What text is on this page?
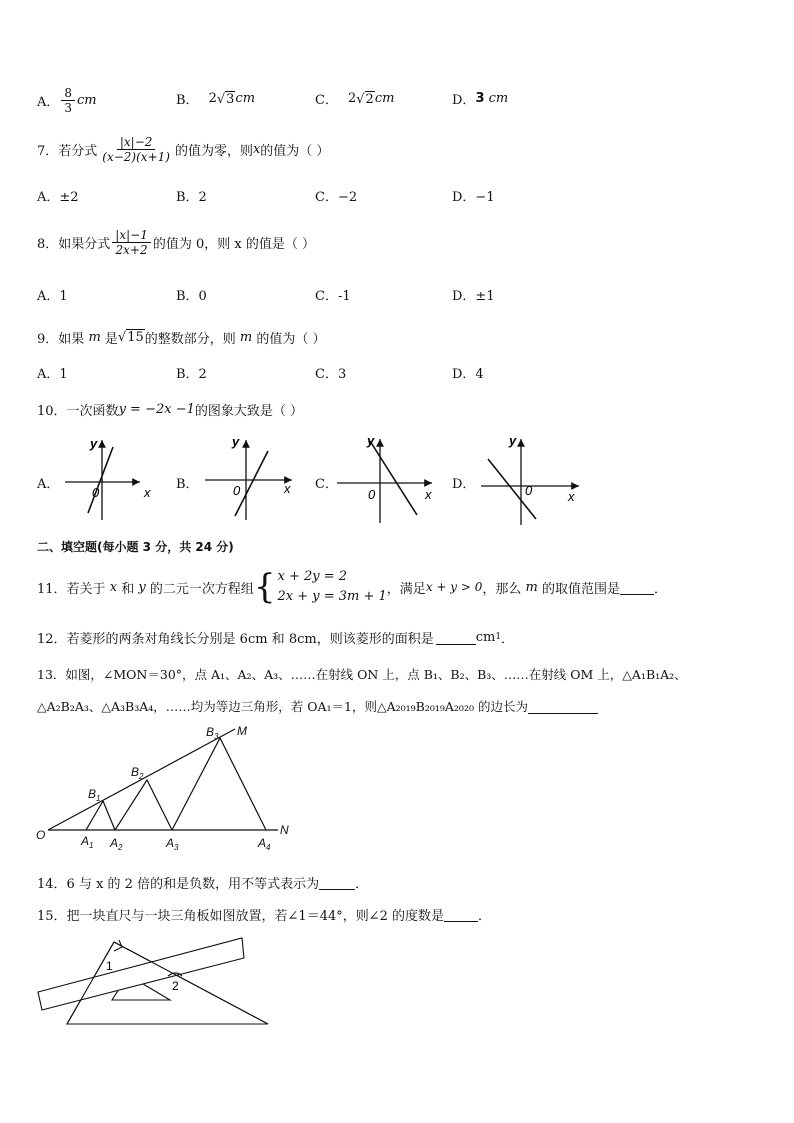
A． $\frac{8}{3}$ cm	B． 2 √ 3 cm	C． 2 √ 2 cm	D． 3
cm
7． 若分式 $\frac{|x|-2}{(x-2)(x+1)}$ 的值为零，则 x 的值为（ ）
A．±2	B．2	C．−2	D．−1
8． 如果分式 $\frac{|x|-1}{2x+2}$ 的值为 0，则 x 的值是（ ）
A．1	B．0	C．-1	D．±1
9． 如果
m
是 √ 15 的整数部分，则
m
的值为（ ）
A．1	B．2	C．3	D．4
10． 一次函数 y = −2x −1 的图象大致是（ ）
A．	B．	C．	D．
y
x
0
y
x
0
y
x
0
y
x
0
二、填空题(每小题 3 分，共 24 分)
11． 若关于
x
和
y
的二元一次方程组 { x + 2y = 2
2x + y = 3m + 1 ，满足 x + y > 0 ，那么
m
的取值范围是	．
12．若菱形的两条对角线长分别是 6cm 和 8cm，则该菱形的面积是	cm 1 ．
13．如图，∠MON＝30°，点 A₁、A₂、A₃、……在射线 ON 上，点 B₁、B₂、B₃、……在射线 OM 上，△A₁B₁A₂、
△A₂B₂A₃、△A₃B₃A₄，……均为等边三角形，若 OA₁＝1，则△A₂₀₁₉B₂₀₁₉A₂₀₂₀ 的边长为
O
M
N
$A_1$ $A_2$	$A_3$	$A_4$
$B_1$
$B_2$
$B_3$
14．6 与 x 的 2 倍的和是负数，用不等式表示为	．
15．把一块直尺与一块三角板如图放置，若∠1＝44°，则∠2 的度数是	．
1
2
